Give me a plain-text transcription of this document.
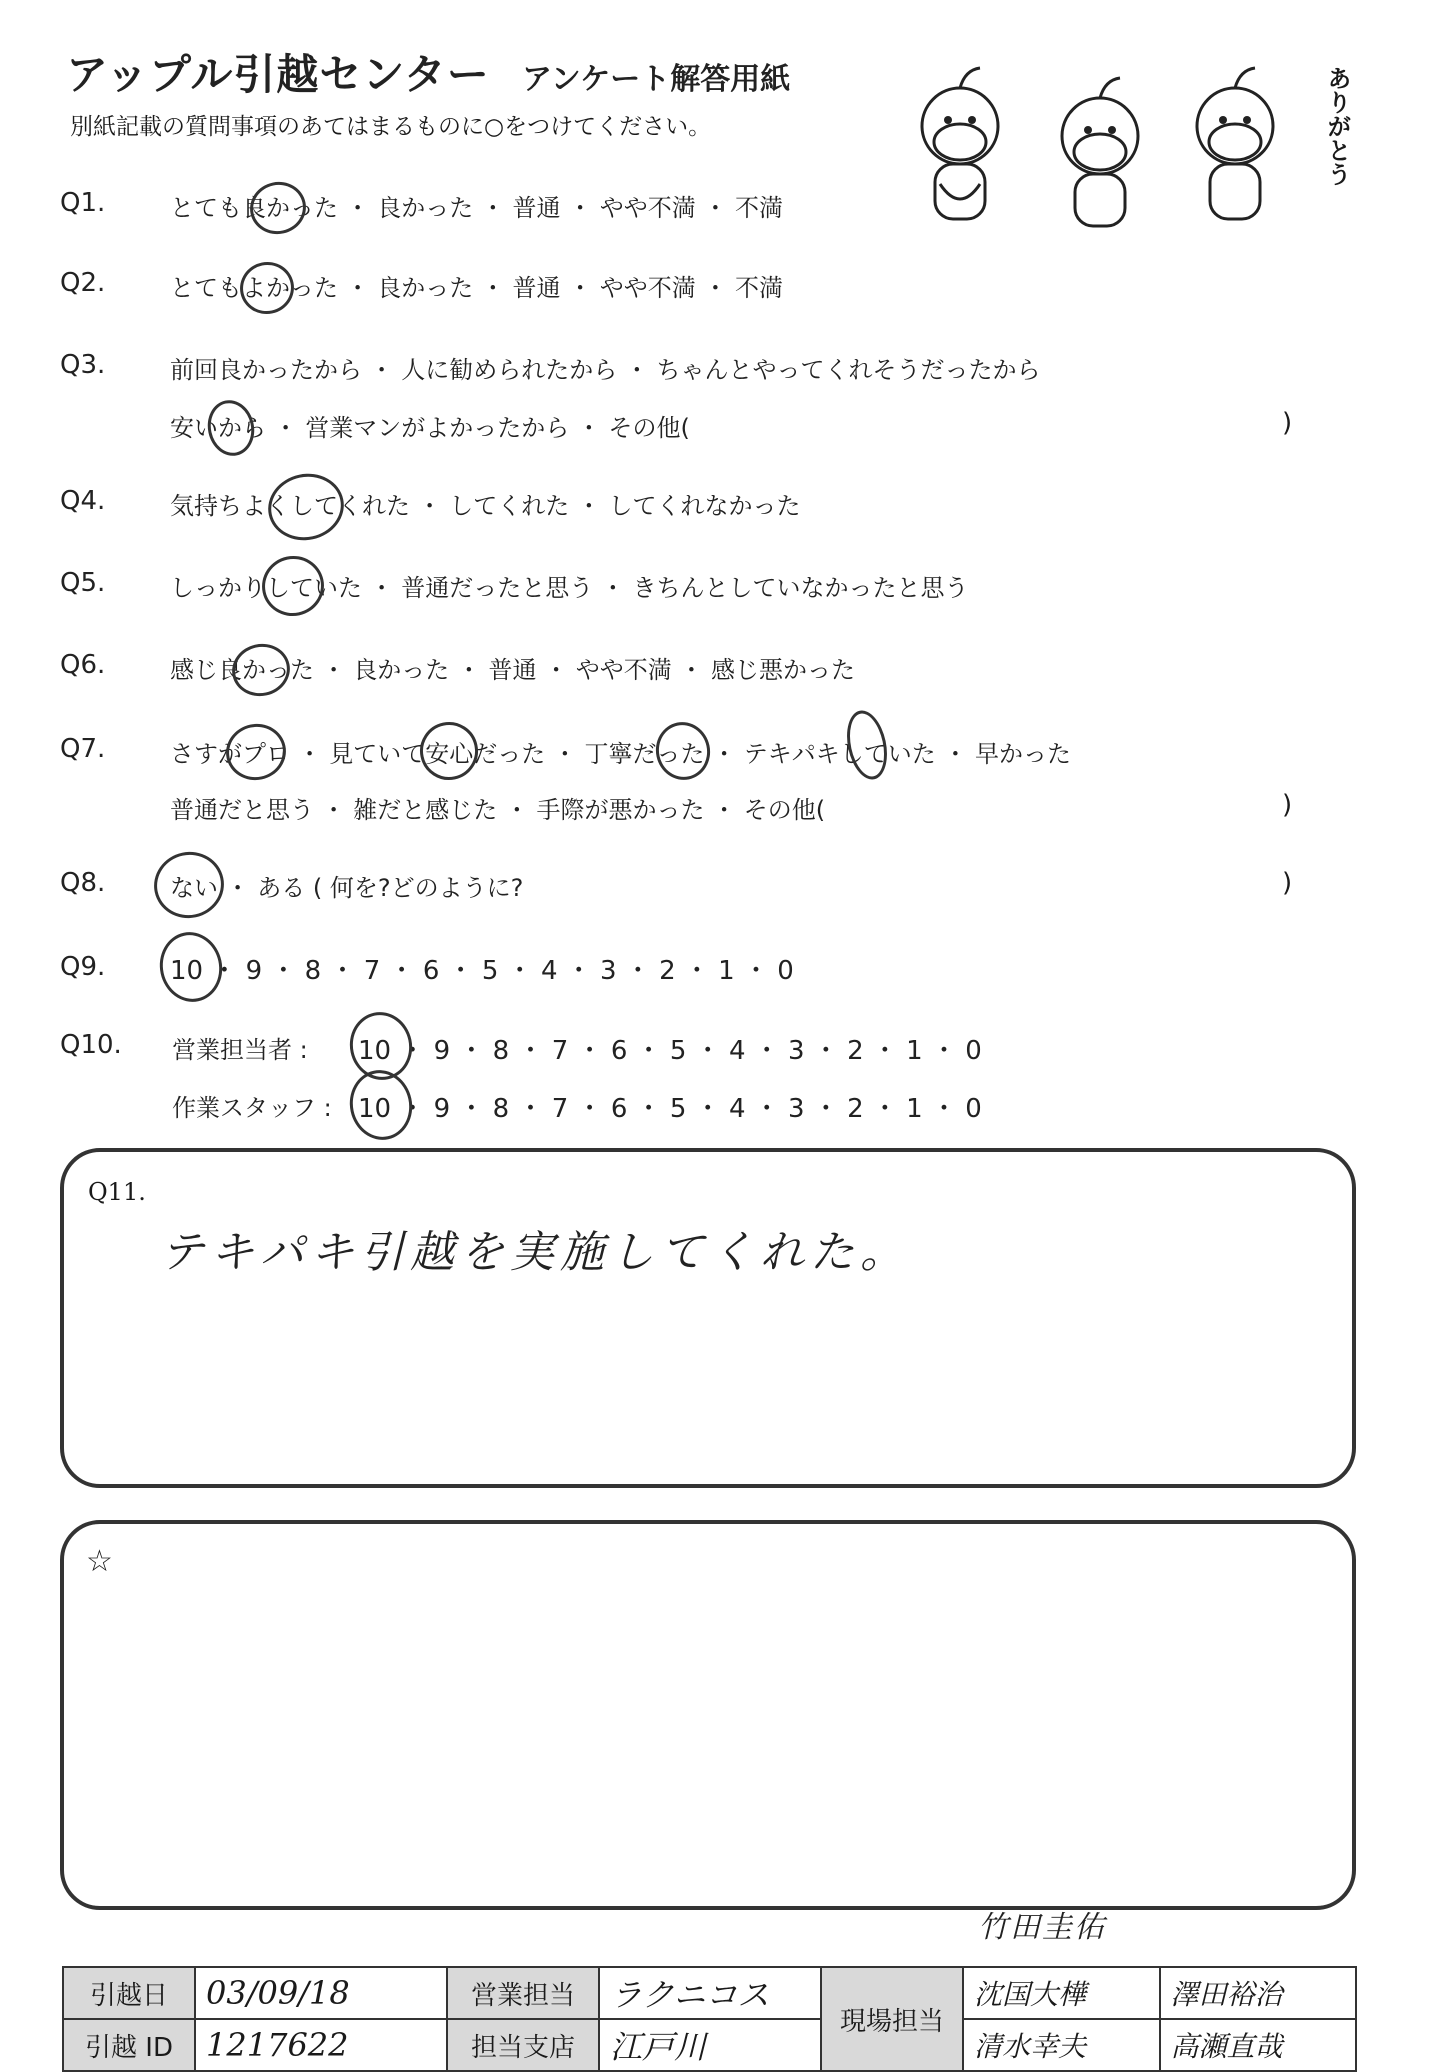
アップル引越センター アンケート解答用紙
別紙記載の質問事項のあてはまるものに○をつけてください。	ありがとう
Q1.	とても良かった ・ 良かった ・ 普通 ・ やや不満 ・ 不満
Q2.	とてもよかった ・ 良かった ・ 普通 ・ やや不満 ・ 不満
Q3.	前回良かったから ・ 人に勧められたから ・ ちゃんとやってくれそうだったから
安いから ・ 営業マンがよかったから ・ その他(	)
Q4.	気持ちよくしてくれた ・ してくれた ・ してくれなかった
Q5.	しっかりしていた ・ 普通だったと思う ・ きちんとしていなかったと思う
Q6.	感じ良かった ・ 良かった ・ 普通 ・ やや不満 ・ 感じ悪かった
Q7.	さすがプロ ・ 見ていて安心だった ・ 丁寧だった ・ テキパキしていた ・ 早かった
普通だと思う ・ 雑だと感じた ・ 手際が悪かった ・ その他(	)
Q8.	ない ・ ある ( 何を?どのように?	)
Q9. 10 ・ 9 ・ 8 ・ 7 ・ 6 ・ 5 ・ 4 ・ 3 ・ 2 ・ 1 ・ 0
Q10. 営業担当者 : 10 ・ 9 ・ 8 ・ 7 ・ 6 ・ 5 ・ 4 ・ 3 ・ 2 ・ 1 ・ 0
作業スタッフ : 10 ・ 9 ・ 8 ・ 7 ・ 6 ・ 5 ・ 4 ・ 3 ・ 2 ・ 1 ・ 0
Q11.
テキパキ引越を実施してくれた。
☆
竹田圭佑
引越日	03/09/18	営業担当	ラクニコス	現場担当	沈国大樺	澤田裕治
引越 ID	1217622	担当支店	江戸川		清水幸夫	高瀬直哉
